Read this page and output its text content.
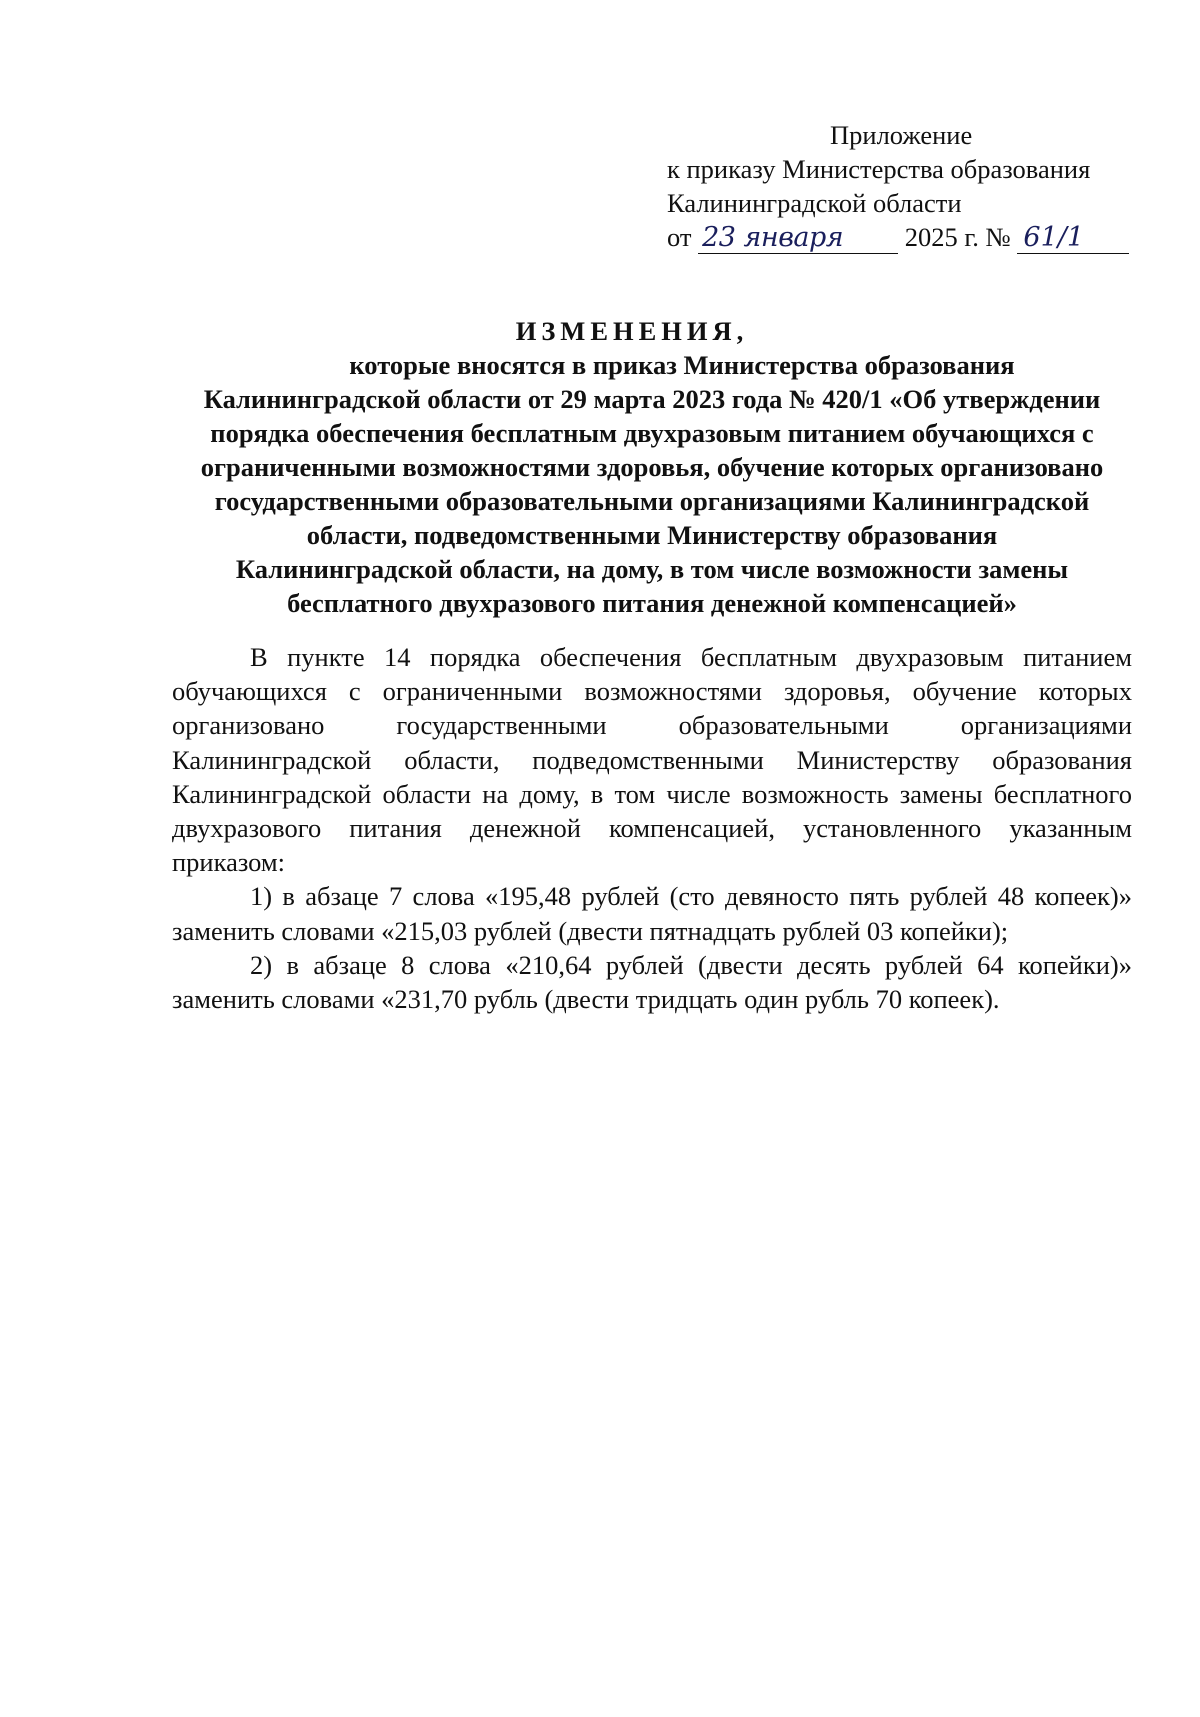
Приложение
к приказу Министерства образования
Калининградской области
от 23 января 2025 г. № 61/1
ИЗМЕНЕНИЯ,
которые вносятся в приказ Министерства образования
Калининградской области от 29 марта 2023 года № 420/1 «Об утверждении
порядка обеспечения бесплатным двухразовым питанием обучающихся с
ограниченными возможностями здоровья, обучение которых организовано
государственными образовательными организациями Калининградской
области, подведомственными Министерству образования
Калининградской области, на дому, в том числе возможности замены
бесплатного двухразового питания денежной компенсацией»

В пункте 14 порядка обеспечения бесплатным двухразовым питанием обучающихся с ограниченными возможностями здоровья, обучение которых организовано государственными образовательными организациями Калининградской области, подведомственными Министерству образования Калининградской области на дому, в том числе возможность замены бесплатного двухразового питания денежной компенсацией, установленного указанным приказом:

1) в абзаце 7 слова «195,48 рублей (сто девяносто пять рублей 48 копеек)» заменить словами «215,03 рублей (двести пятнадцать рублей 03 копейки);

2) в абзаце 8 слова «210,64 рублей (двести десять рублей 64 копейки)» заменить словами «231,70 рубль (двести тридцать один рубль 70 копеек).
